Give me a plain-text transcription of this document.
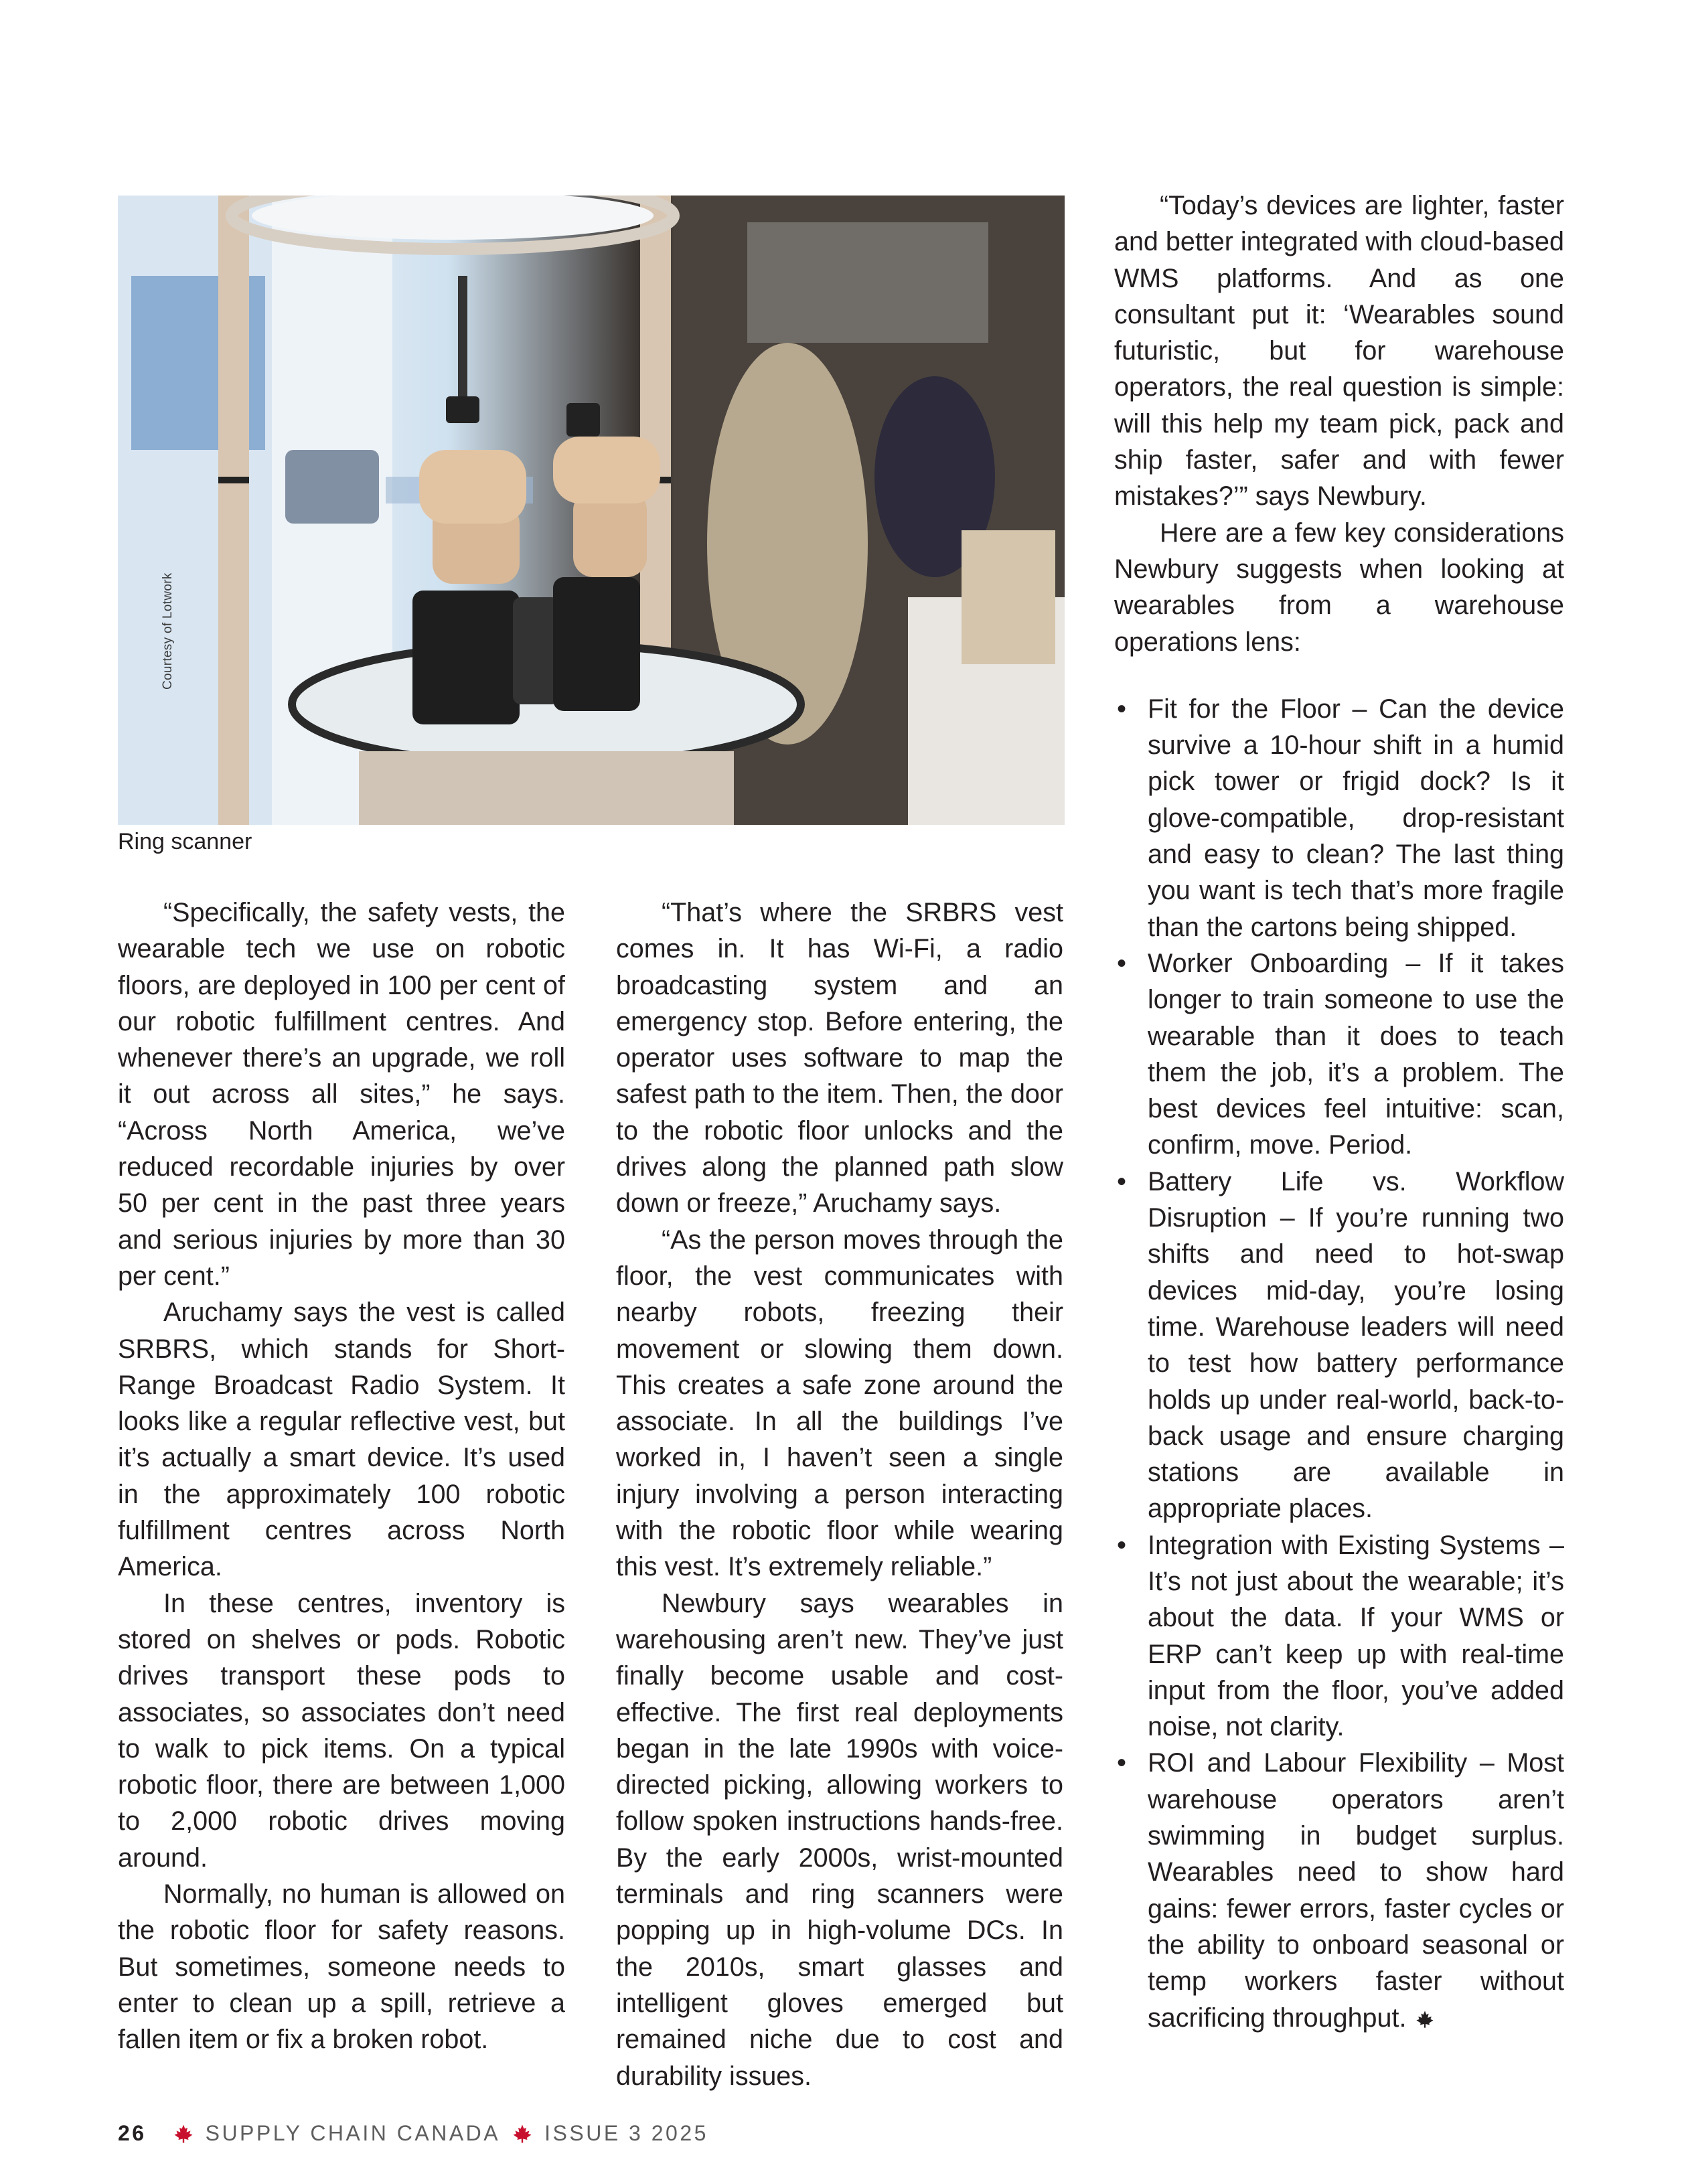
Courtesy of Lotwork
Ring scanner

“Specifically, the safety vests, the wearable tech we use on robotic floors, are deployed in 100 per cent of our robotic fulfillment centres. And whenever there’s an upgrade, we roll it out across all sites,” he says. “Across North America, we’ve reduced recordable injuries by over 50 per cent in the past three years and serious injuries by more than 30 per cent.”

Aruchamy says the vest is called SRBRS, which stands for Short-Range Broadcast Radio System. It looks like a regular reflective vest, but it’s actually a smart device. It’s used in the approximately 100 robotic fulfillment centres across North America.

In these centres, inventory is stored on shelves or pods. Robotic drives transport these pods to associates, so associates don’t need to walk to pick items. On a typical robotic floor, there are between 1,000 to 2,000 robotic drives moving around.

Normally, no human is allowed on the robotic floor for safety reasons. But sometimes, someone needs to enter to clean up a spill, retrieve a fallen item or fix a broken robot.

“That’s where the SRBRS vest comes in. It has Wi-Fi, a radio broadcasting system and an emergency stop. Before entering, the operator uses software to map the safest path to the item. Then, the door to the robotic floor unlocks and the drives along the planned path slow down or freeze,” Aruchamy says.

“As the person moves through the floor, the vest communicates with nearby robots, freezing their movement or slowing them down. This creates a safe zone around the associate. In all the buildings I’ve worked in, I haven’t seen a single injury involving a person interacting with the robotic floor while wearing this vest. It’s extremely reliable.”

Newbury says wearables in warehousing aren’t new. They’ve just finally become usable and cost-effective. The first real deployments began in the late 1990s with voice-directed picking, allowing workers to follow spoken instructions hands-free. By the early 2000s, wrist-mounted terminals and ring scanners were popping up in high-volume DCs. In the 2010s, smart glasses and intelligent gloves emerged but remained niche due to cost and durability issues.

“Today’s devices are lighter, faster and better integrated with cloud-based WMS platforms. And as one consultant put it: ‘Wearables sound futuristic, but for warehouse operators, the real question is simple: will this help my team pick, pack and ship faster, safer and with fewer mistakes?’” says Newbury.

Here are a few key considerations Newbury suggests when looking at wearables from a warehouse operations lens:

• Fit for the Floor – Can the device survive a 10-hour shift in a humid pick tower or frigid dock? Is it glove-compatible, drop-resistant and easy to clean? The last thing you want is tech that’s more fragile than the cartons being shipped.
• Worker Onboarding – If it takes longer to train someone to use the wearable than it does to teach them the job, it’s a problem. The best devices feel intuitive: scan, confirm, move. Period.
• Battery Life vs. Workflow Disruption – If you’re running two shifts and need to hot-swap devices mid-day, you’re losing time. Warehouse leaders will need to test how battery performance holds up under real-world, back-to-back usage and ensure charging stations are available in appropriate places.
• Integration with Existing Systems – It’s not just about the wearable; it’s about the data. If your WMS or ERP can’t keep up with real-time input from the floor, you’ve added noise, not clarity.
• ROI and Labour Flexibility – Most warehouse operators aren’t swimming in budget surplus. Wearables need to show hard gains: fewer errors, faster cycles or the ability to onboard seasonal or temp workers faster without sacrificing throughput.
26	SUPPLY CHAIN CANADA ISSUE 3 2025
